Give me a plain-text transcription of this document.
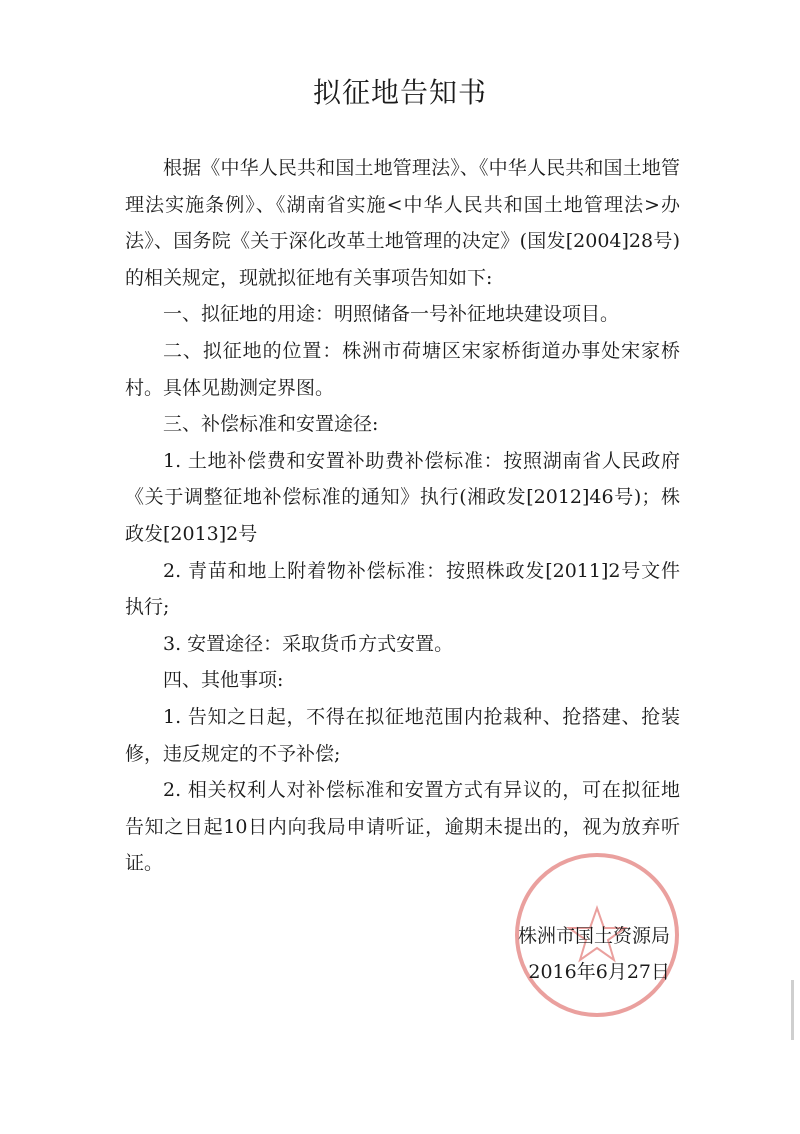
拟征地告知书

根据《中华人民共和国土地管理法》、《中华人民共和国土地管理法实施条例》、《湖南省实施<中华人民共和国土地管理法>办法》、国务院《关于深化改革土地管理的决定》(国发[2004]28号)的相关规定，现就拟征地有关事项告知如下:

一、拟征地的用途：明照储备一号补征地块建设项目。

二、拟征地的位置：株洲市荷塘区宋家桥街道办事处宋家桥村。具体见勘测定界图。

三、补偿标准和安置途径:

1. 土地补偿费和安置补助费补偿标准：按照湖南省人民政府《关于调整征地补偿标准的通知》执行(湘政发[2012]46号)；株政发[2013]2号

2. 青苗和地上附着物补偿标准：按照株政发[2011]2号文件执行;

3. 安置途径：采取货币方式安置。

四、其他事项:

1. 告知之日起，不得在拟征地范围内抢栽种、抢搭建、抢装修，违反规定的不予补偿;

2. 相关权利人对补偿标准和安置方式有异议的，可在拟征地告知之日起10日内向我局申请听证，逾期未提出的，视为放弃听证。

株洲市国土资源局
2016年6月27日
